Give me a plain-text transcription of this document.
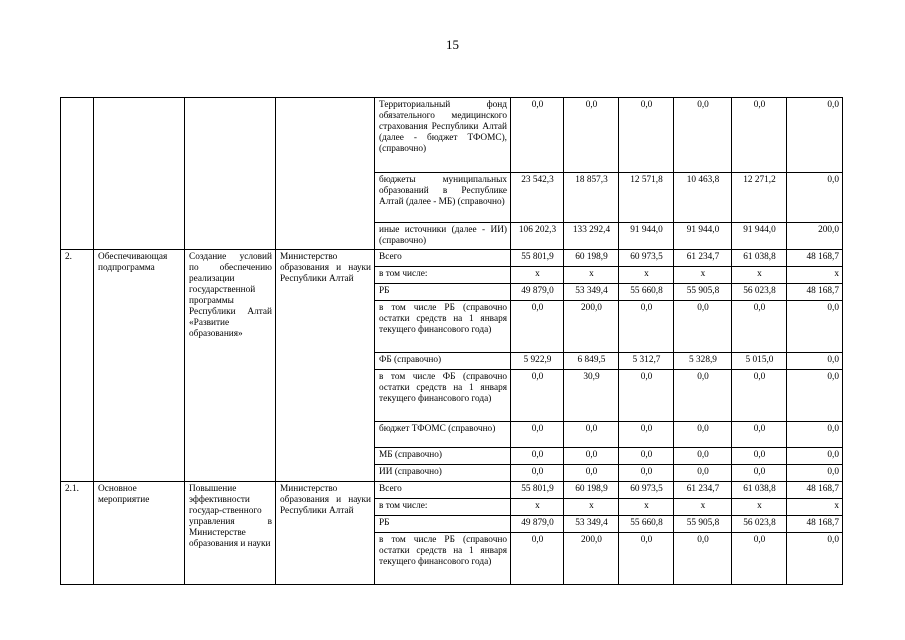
15
				Территориальный фонд обязательного медицинского страхования Республики Алтай (далее - бюджет ТФОМС), (справочно)	0,0	0,0	0,0	0,0	0,0	0,0
				бюджеты муниципальных образований в Республике Алтай (далее - МБ) (справочно)	23 542,3	18 857,3	12 571,8	10 463,8	12 271,2	0,0
				иные источники (далее - ИИ) (справочно)	106 202,3	133 292,4	91 944,0	91 944,0	91 944,0	200,0
2.	Обеспечивающая подпрограмма	Создание условий по обеспечению реализации государственной программы Республики Алтай «Развитие образования»	Министерство образования и науки Республики Алтай	Всего	55 801,9	60 198,9	60 973,5	61 234,7	61 038,8	48 168,7
				в том числе:	х	х	х	х	х	х
				РБ	49 879,0	53 349,4	55 660,8	55 905,8	56 023,8	48 168,7
				в том числе РБ (справочно остатки средств на 1 января текущего финансового года)	0,0	200,0	0,0	0,0	0,0	0,0
				ФБ (справочно)	5 922,9	6 849,5	5 312,7	5 328,9	5 015,0	0,0
				в том числе ФБ (справочно остатки средств на 1 января текущего финансового года)	0,0	30,9	0,0	0,0	0,0	0,0
				бюджет ТФОМС (справочно)	0,0	0,0	0,0	0,0	0,0	0,0
				МБ (справочно)	0,0	0,0	0,0	0,0	0,0	0,0
				ИИ (справочно)	0,0	0,0	0,0	0,0	0,0	0,0
2.1.	Основное мероприятие	Повышение эффективности государ-ственного управления в Министерстве образования и науки	Министерство образования и науки Республики Алтай	Всего	55 801,9	60 198,9	60 973,5	61 234,7	61 038,8	48 168,7
				в том числе:	х	х	х	х	х	х
				РБ	49 879,0	53 349,4	55 660,8	55 905,8	56 023,8	48 168,7
				в том числе РБ (справочно остатки средств на 1 января текущего финансового года)	0,0	200,0	0,0	0,0	0,0	0,0
